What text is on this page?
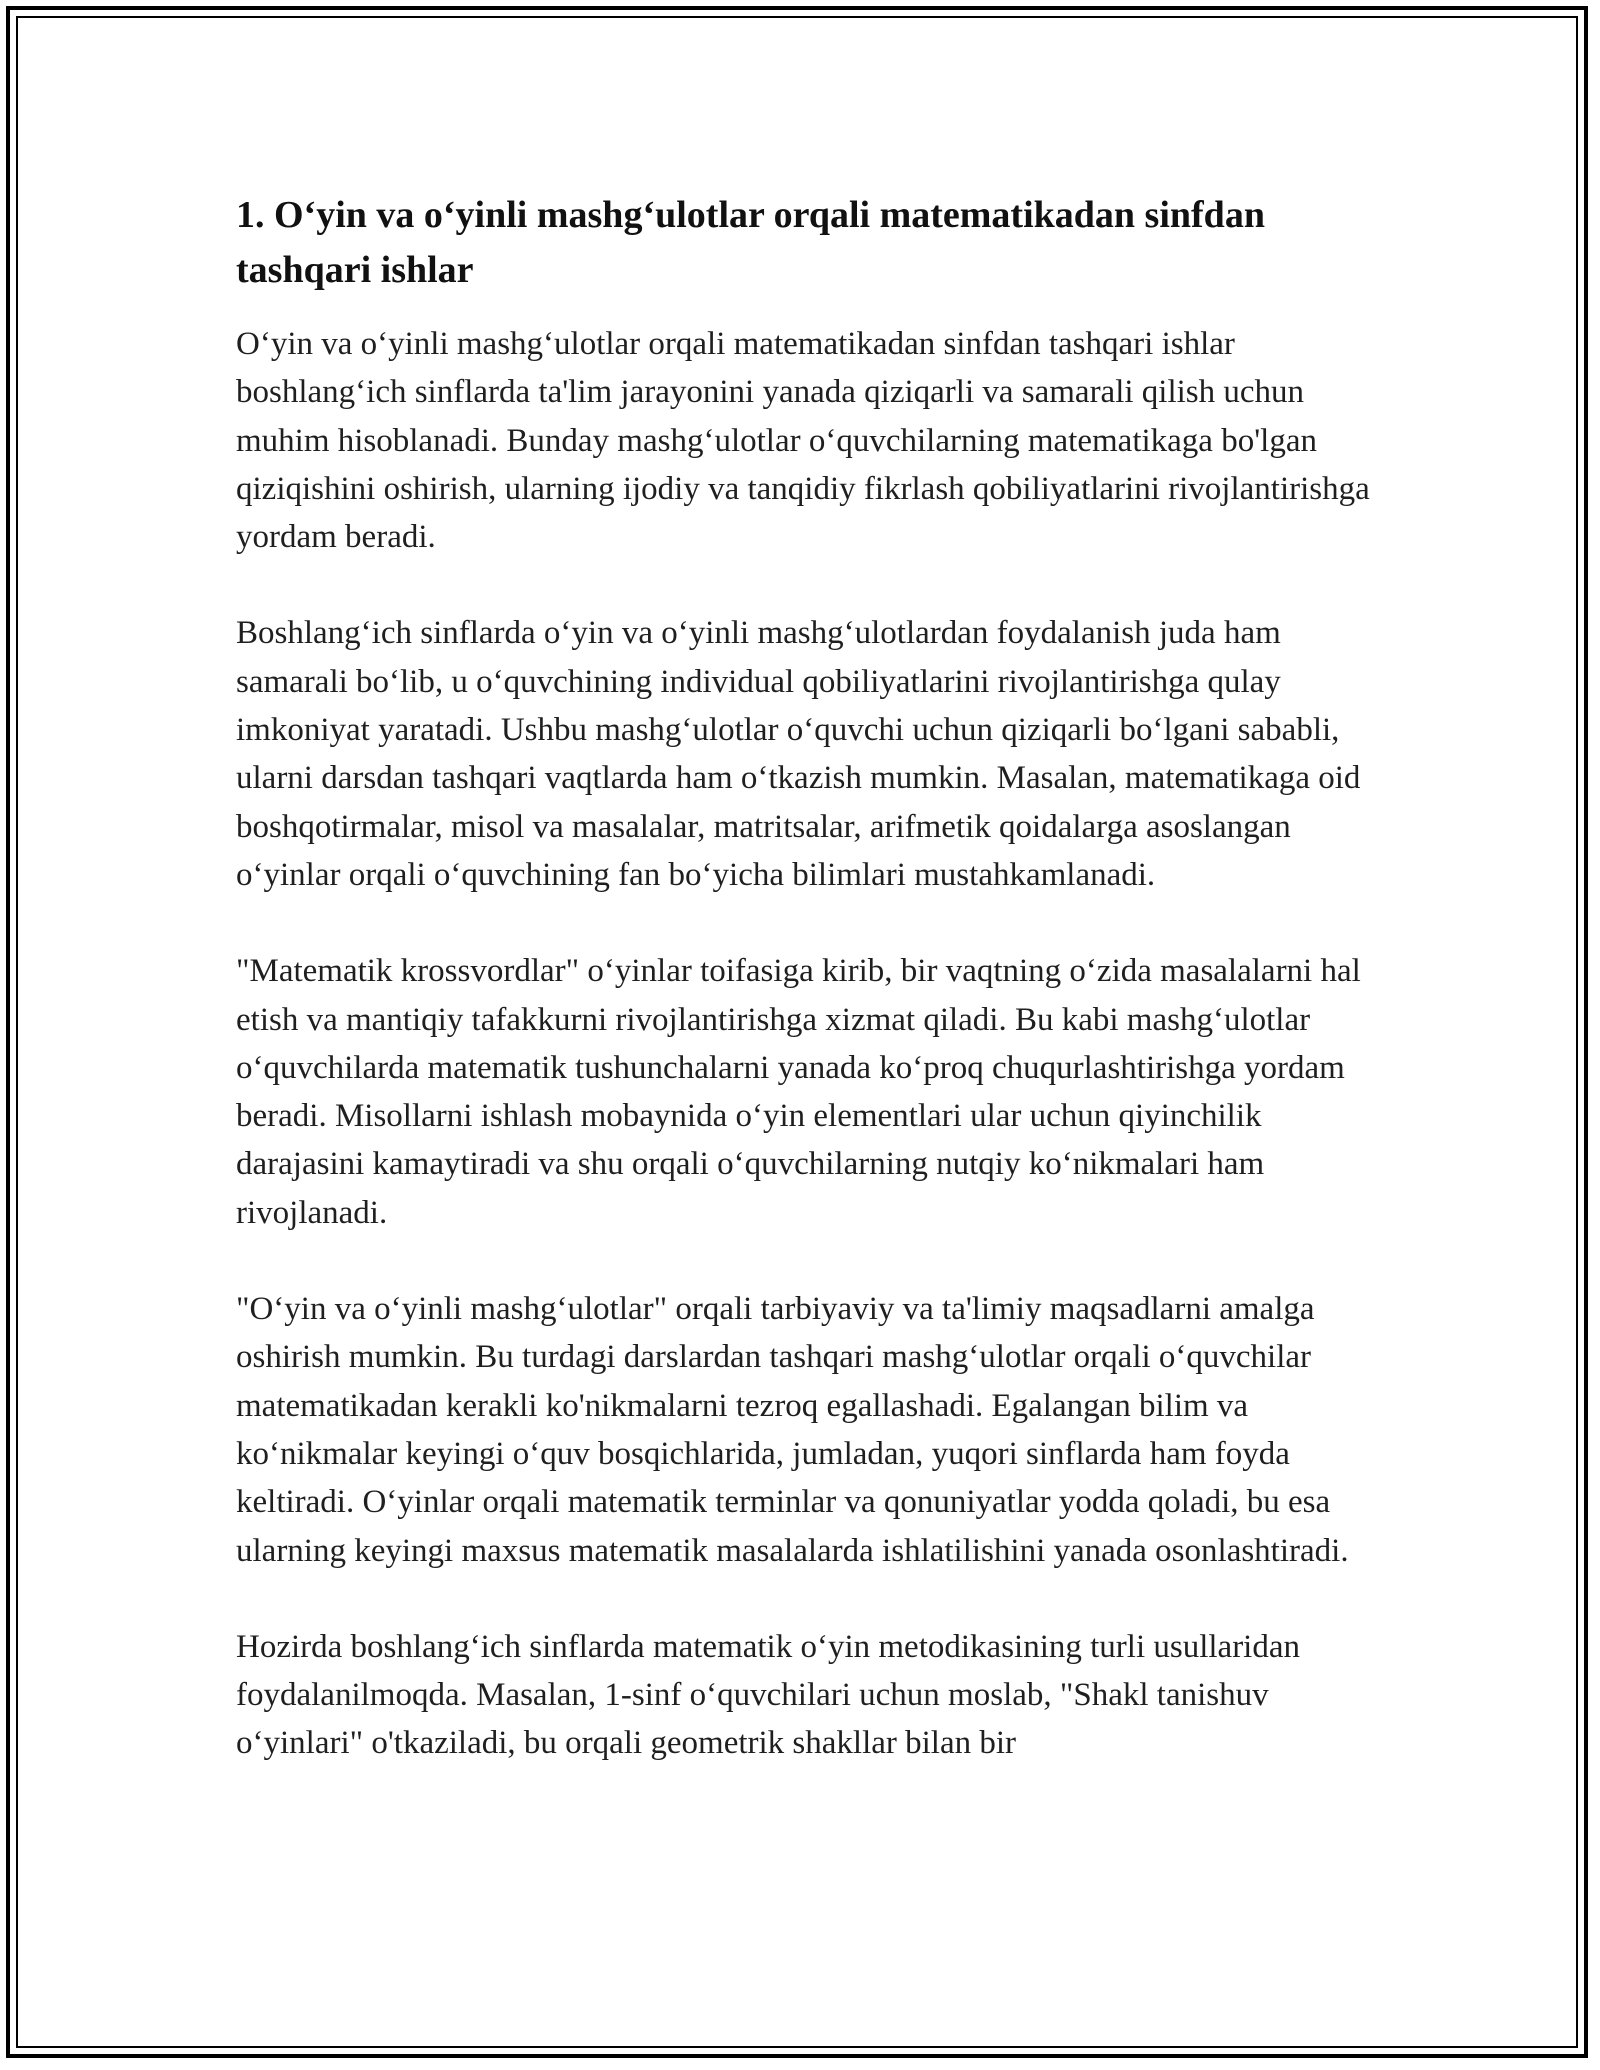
1. O‘yin va o‘yinli mashg‘ulotlar orqali matematikadan sinfdan tashqari ishlar

O‘yin va o‘yinli mashg‘ulotlar orqali matematikadan sinfdan tashqari ishlar boshlang‘ich sinflarda ta'lim jarayonini yanada qiziqarli va samarali qilish uchun muhim hisoblanadi. Bunday mashg‘ulotlar o‘quvchilarning matematikaga bo'lgan qiziqishini oshirish, ularning ijodiy va tanqidiy fikrlash qobiliyatlarini rivojlantirishga yordam beradi.

Boshlang‘ich sinflarda o‘yin va o‘yinli mashg‘ulotlardan foydalanish juda ham samarali bo‘lib, u o‘quvchining individual qobiliyatlarini rivojlantirishga qulay imkoniyat yaratadi. Ushbu mashg‘ulotlar o‘quvchi uchun qiziqarli bo‘lgani sababli, ularni darsdan tashqari vaqtlarda ham o‘tkazish mumkin. Masalan, matematikaga oid boshqotirmalar, misol va masalalar, matritsalar, arifmetik qoidalarga asoslangan o‘yinlar orqali o‘quvchining fan bo‘yicha bilimlari mustahkamlanadi.

"Matematik krossvordlar" o‘yinlar toifasiga kirib, bir vaqtning o‘zida masalalarni hal etish va mantiqiy tafakkurni rivojlantirishga xizmat qiladi. Bu kabi mashg‘ulotlar o‘quvchilarda matematik tushunchalarni yanada ko‘proq chuqurlashtirishga yordam beradi. Misollarni ishlash mobaynida o‘yin elementlari ular uchun qiyinchilik darajasini kamaytiradi va shu orqali o‘quvchilarning nutqiy ko‘nikmalari ham rivojlanadi.

"O‘yin va o‘yinli mashg‘ulotlar" orqali tarbiyaviy va ta'limiy maqsadlarni amalga oshirish mumkin. Bu turdagi darslardan tashqari mashg‘ulotlar orqali o‘quvchilar matematikadan kerakli ko'nikmalarni tezroq egallashadi. Egalangan bilim va ko‘nikmalar keyingi o‘quv bosqichlarida, jumladan, yuqori sinflarda ham foyda keltiradi. O‘yinlar orqali matematik terminlar va qonuniyatlar yodda qoladi, bu esa ularning keyingi maxsus matematik masalalarda ishlatilishini yanada osonlashtiradi.

Hozirda boshlang‘ich sinflarda matematik o‘yin metodikasining turli usullaridan foydalanilmoqda. Masalan, 1-sinf o‘quvchilari uchun moslab, "Shakl tanishuv o‘yinlari" o'tkaziladi, bu orqali geometrik shakllar bilan bir
